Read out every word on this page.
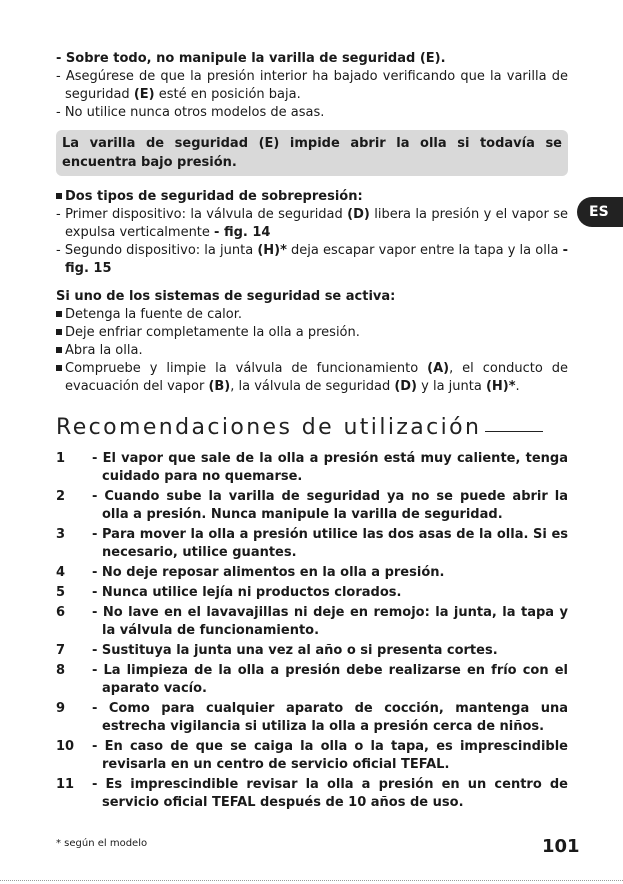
- Sobre todo, no manipule la varilla de seguridad (E).
- Asegúrese de que la presión interior ha bajado verificando que la varilla de seguridad (E) esté en posición baja.
- No utilice nunca otros modelos de asas.
La varilla de seguridad (E) impide abrir la olla si todavía se encuentra bajo presión.
Dos tipos de seguridad de sobrepresión:
- Primer dispositivo: la válvula de seguridad (D) libera la presión y el vapor se expulsa verticalmente - fig. 14
- Segundo dispositivo: la junta (H)* deja escapar vapor entre la tapa y la olla - fig. 15
Si uno de los sistemas de seguridad se activa:
Detenga la fuente de calor.
Deje enfriar completamente la olla a presión.
Abra la olla.
Compruebe y limpie la válvula de funcionamiento (A), el conducto de evacuación del vapor (B), la válvula de seguridad (D) y la junta (H)*.
Recomendaciones de utilización
1 - El vapor que sale de la olla a presión está muy caliente, tenga cuidado para no quemarse.
2 - Cuando sube la varilla de seguridad ya no se puede abrir la olla a presión. Nunca manipule la varilla de seguridad.
3 - Para mover la olla a presión utilice las dos asas de la olla. Si es necesario, utilice guantes.
4 - No deje reposar alimentos en la olla a presión.
5 - Nunca utilice lejía ni productos clorados.
6 - No lave en el lavavajillas ni deje en remojo: la junta, la tapa y la válvula de funcionamiento.
7 - Sustituya la junta una vez al año o si presenta cortes.
8 - La limpieza de la olla a presión debe realizarse en frío con el aparato vacío.
9 - Como para cualquier aparato de cocción, mantenga una estrecha vigilancia si utiliza la olla a presión cerca de niños.
10 - En caso de que se caiga la olla o la tapa, es imprescindible revisarla en un centro de servicio oficial TEFAL.
11 - Es imprescindible revisar la olla a presión en un centro de servicio oficial TEFAL después de 10 años de uso.
ES
* según el modelo	101
